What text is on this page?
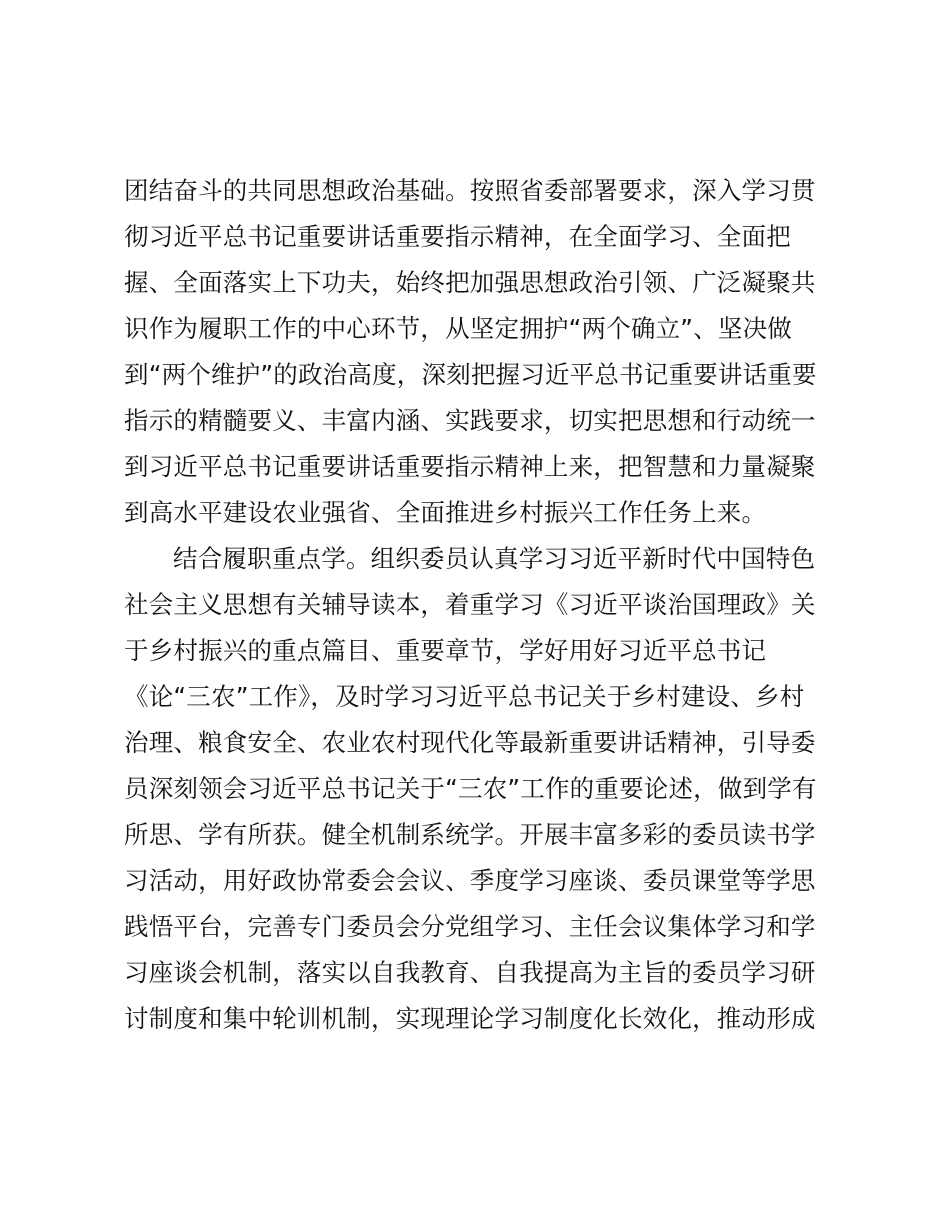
团结奋斗的共同思想政治基础。按照省委部署要求，深入学习贯
彻习近平总书记重要讲话重要指示精神，在全面学习、全面把
握、全面落实上下功夫，始终把加强思想政治引领、广泛凝聚共
识作为履职工作的中心环节，从坚定拥护“两个确立”、坚决做
到“两个维护”的政治高度，深刻把握习近平总书记重要讲话重要
指示的精髓要义、丰富内涵、实践要求，切实把思想和行动统一
到习近平总书记重要讲话重要指示精神上来，把智慧和力量凝聚
到高水平建设农业强省、全面推进乡村振兴工作任务上来。
结合履职重点学。组织委员认真学习习近平新时代中国特色
社会主义思想有关辅导读本，着重学习《习近平谈治国理政》关
于乡村振兴的重点篇目、重要章节，学好用好习近平总书记
《论“三农”工作》，及时学习习近平总书记关于乡村建设、乡村
治理、粮食安全、农业农村现代化等最新重要讲话精神，引导委
员深刻领会习近平总书记关于“三农”工作的重要论述，做到学有
所思、学有所获。健全机制系统学。开展丰富多彩的委员读书学
习活动，用好政协常委会会议、季度学习座谈、委员课堂等学思
践悟平台，完善专门委员会分党组学习、主任会议集体学习和学
习座谈会机制，落实以自我教育、自我提高为主旨的委员学习研
讨制度和集中轮训机制，实现理论学习制度化长效化，推动形成
